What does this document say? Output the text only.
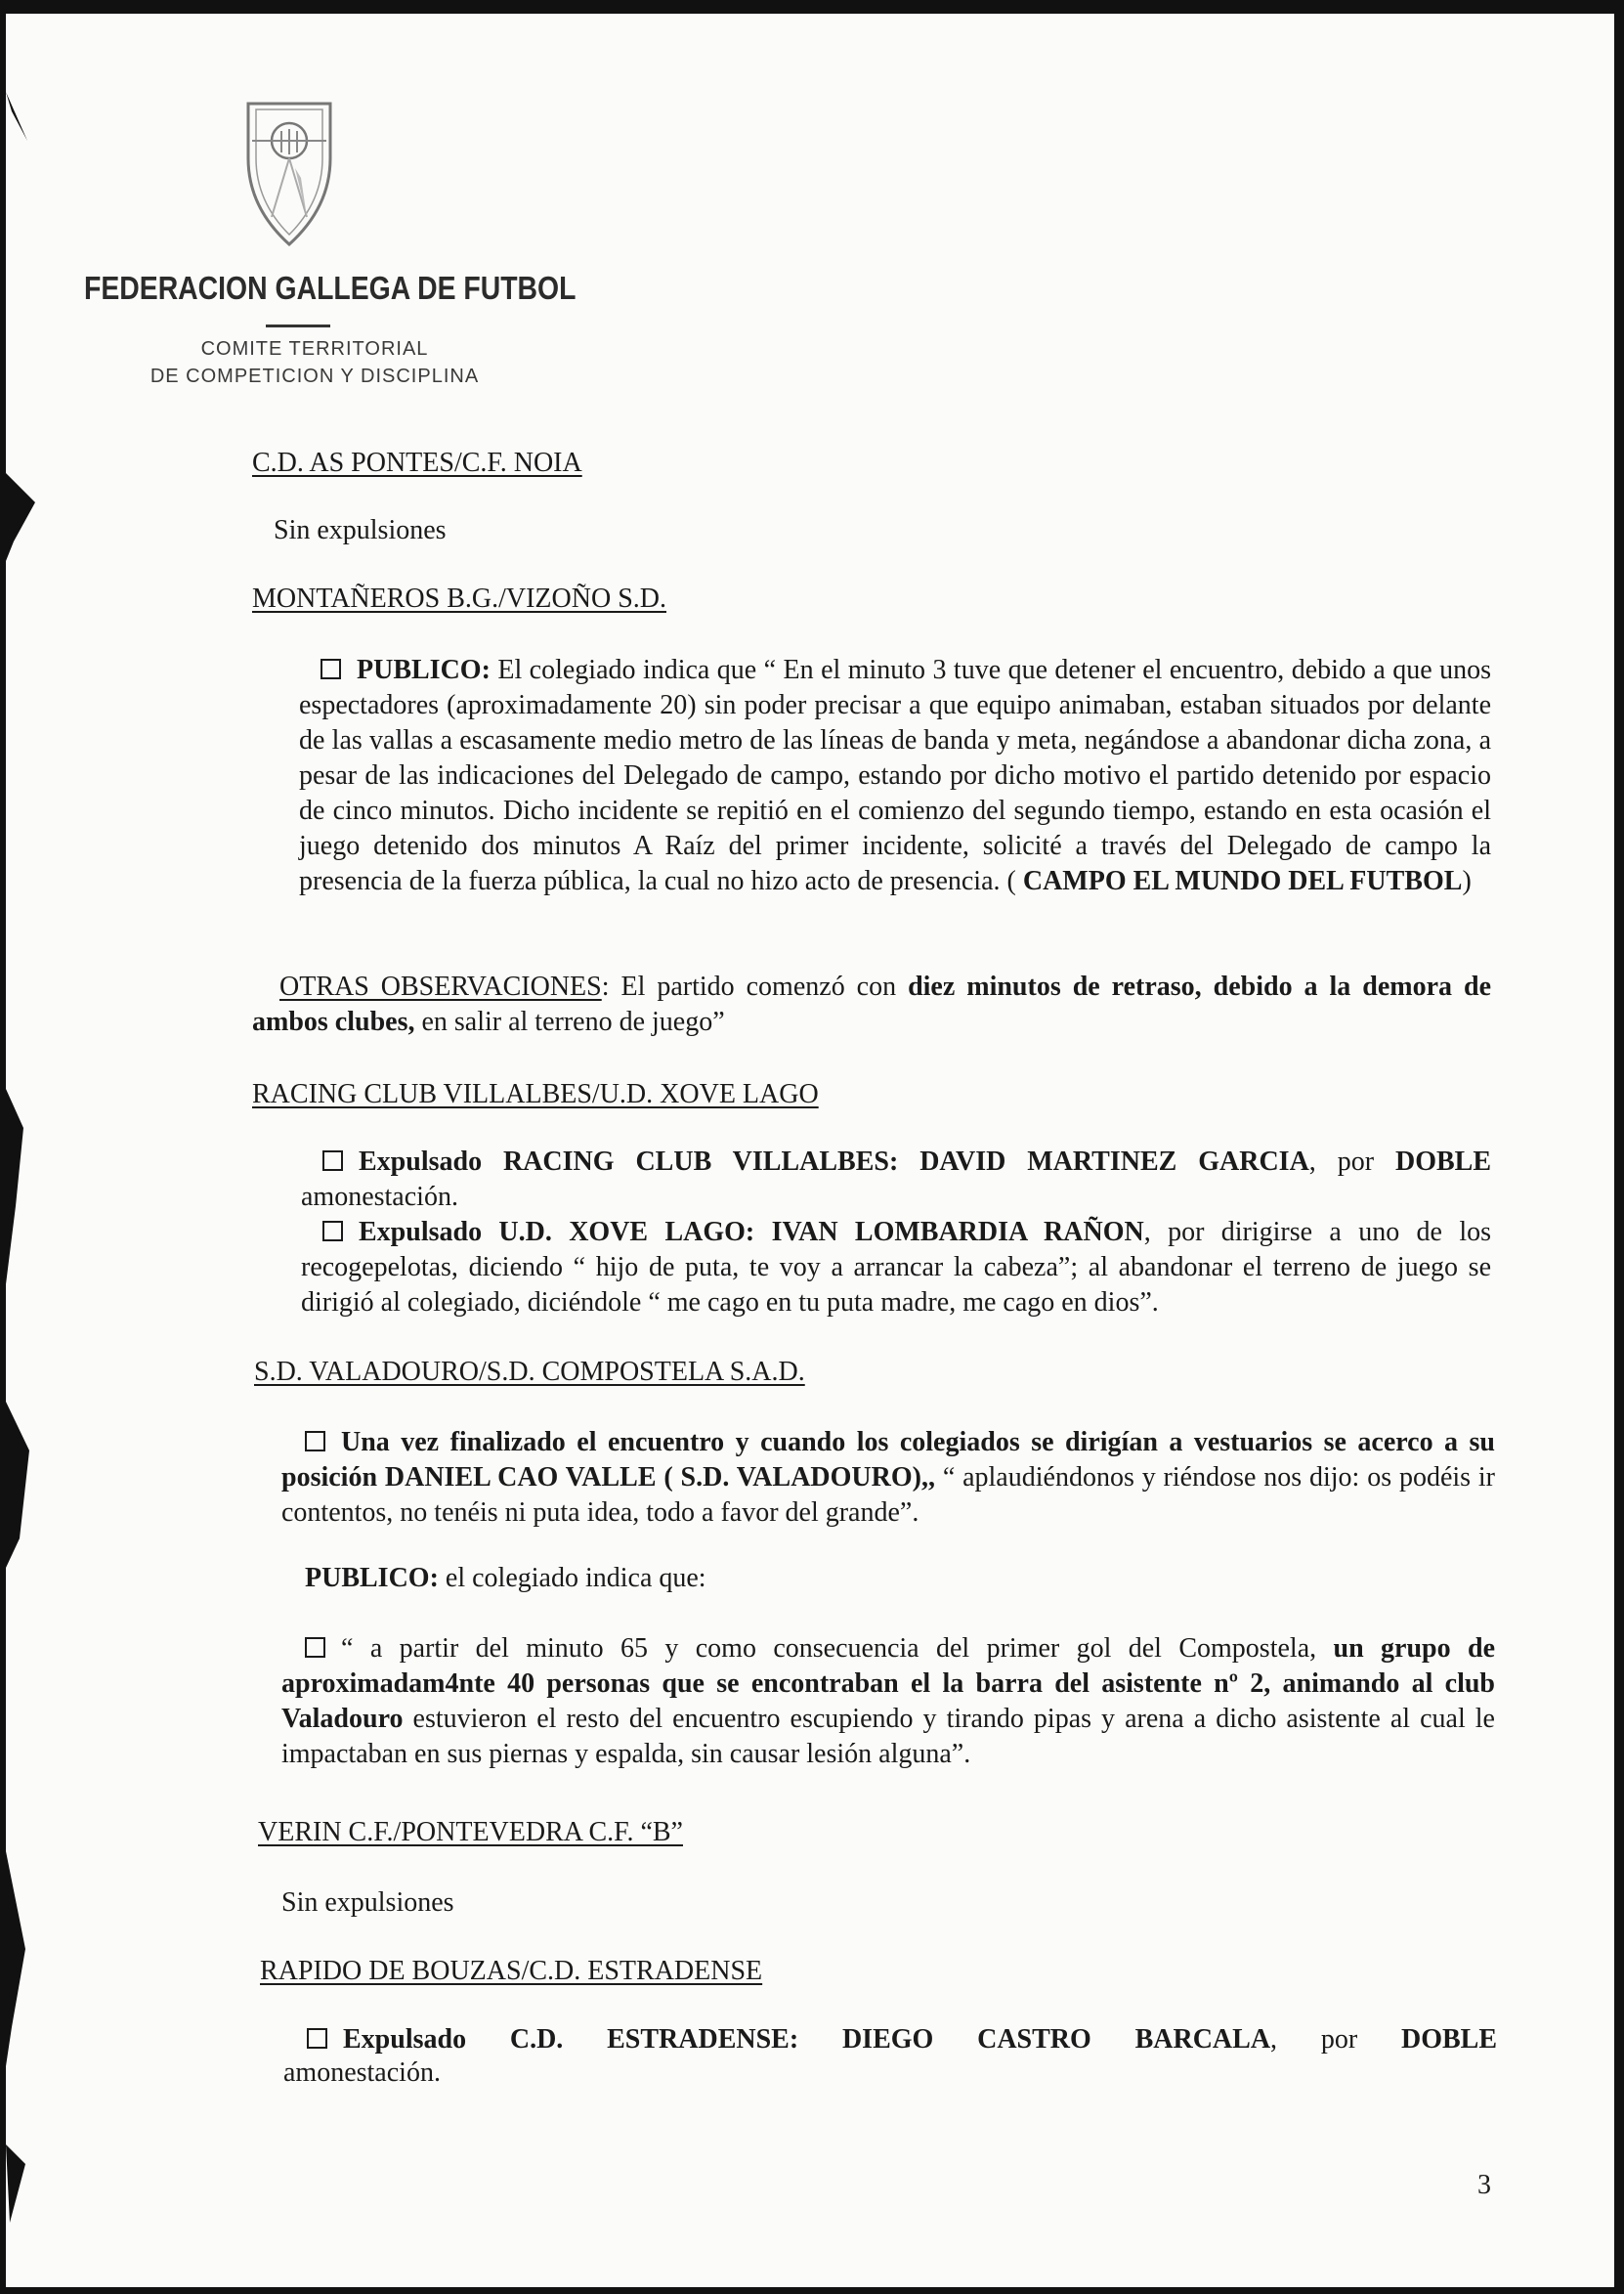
FEDERACION GALLEGA DE FUTBOL
COMITE TERRITORIAL
DE COMPETICION Y DISCIPLINA
C.D. AS PONTES/C.F. NOIA
Sin expulsiones
MONTAÑEROS B.G./VIZOÑO S.D.
PUBLICO: El colegiado indica que “ En el minuto 3 tuve que detener el encuentro, debido a que unos espectadores (aproximadamente 20) sin poder precisar a que equipo animaban, estaban situados por delante de las vallas a escasamente medio metro de las líneas de banda y meta, negándose a abandonar dicha zona, a pesar de las indicaciones del Delegado de campo, estando por dicho motivo el partido detenido por espacio de cinco minutos. Dicho incidente se repitió en el comienzo del segundo tiempo, estando en esta ocasión el juego detenido dos minutos A Raíz del primer incidente, solicité a través del Delegado de campo la presencia de la fuerza pública, la cual no hizo acto de presencia. ( CAMPO EL MUNDO DEL FUTBOL)
OTRAS OBSERVACIONES: El partido comenzó con diez minutos de retraso, debido a la demora de ambos clubes, en salir al terreno de juego”
RACING CLUB VILLALBES/U.D. XOVE LAGO
Expulsado RACING CLUB VILLALBES: DAVID MARTINEZ GARCIA, por DOBLE amonestación.
Expulsado U.D. XOVE LAGO: IVAN LOMBARDIA RAÑON, por dirigirse a uno de los recogepelotas, diciendo “ hijo de puta, te voy a arrancar la cabeza”; al abandonar el terreno de juego se dirigió al colegiado, diciéndole “ me cago en tu puta madre, me cago en dios”.
S.D. VALADOURO/S.D. COMPOSTELA S.A.D.
Una vez finalizado el encuentro y cuando los colegiados se dirigían a vestuarios se acerco a su posición DANIEL CAO VALLE ( S.D. VALADOURO),, “ aplaudiéndonos y riéndose nos dijo: os podéis ir contentos, no tenéis ni puta idea, todo a favor del grande”.
PUBLICO: el colegiado indica que:
“ a partir del minuto 65 y como consecuencia del primer gol del Compostela, un grupo de aproximadam4nte 40 personas que se encontraban el la barra del asistente nº 2, animando al club Valadouro estuvieron el resto del encuentro escupiendo y tirando pipas y arena a dicho asistente al cual le impactaban en sus piernas y espalda, sin causar lesión alguna”.
VERIN C.F./PONTEVEDRA C.F. “B”
Sin expulsiones
RAPIDO DE BOUZAS/C.D. ESTRADENSE
Expulsado C.D. ESTRADENSE: DIEGO CASTRO BARCALA, por DOBLE
amonestación.
3
